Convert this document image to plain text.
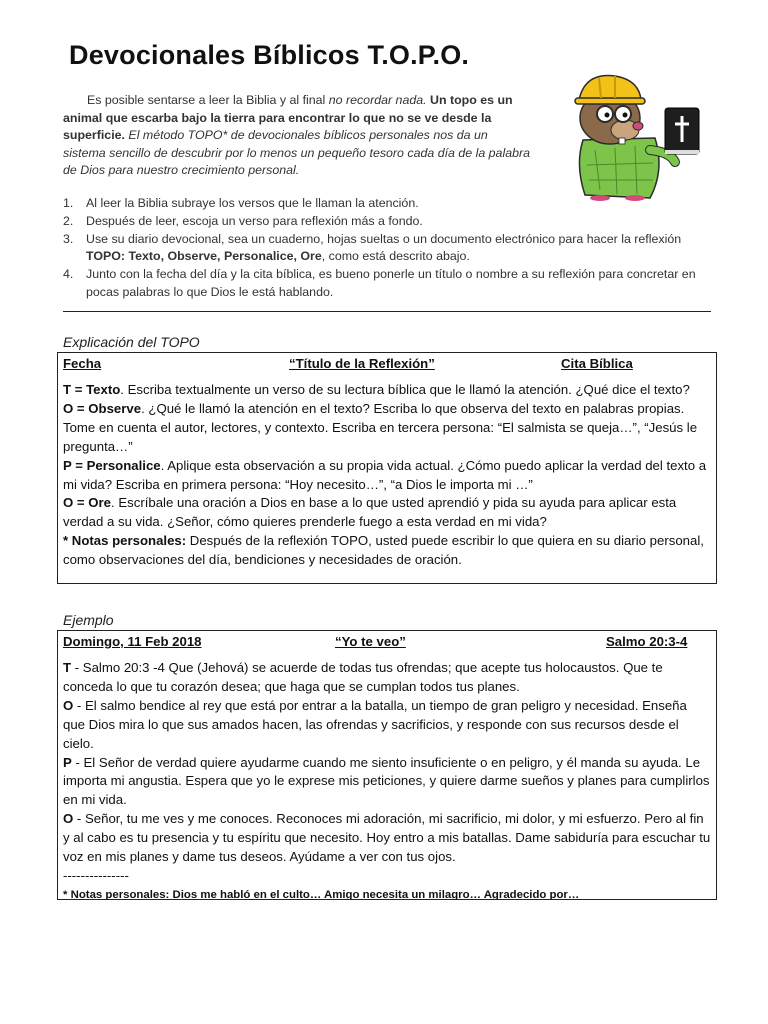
Devocionales Bíblicos T.O.P.O.
Es posible sentarse a leer la Biblia y al final no recordar nada. Un topo es un animal que escarba bajo la tierra para encontrar lo que no se ve desde la superficie. El método TOPO* de devocionales bíblicos personales nos da un sistema sencillo de descubrir por lo menos un pequeño tesoro cada día de la palabra de Dios para nuestro crecimiento personal.
1. Al leer la Biblia subraye los versos que le llaman la atención.
2. Después de leer, escoja un verso para reflexión más a fondo.
3. Use su diario devocional, sea un cuaderno, hojas sueltas o un documento electrónico para hacer la reflexión TOPO: Texto, Observe, Personalice, Ore, como está descrito abajo.
4. Junto con la fecha del día y la cita bíblica, es bueno ponerle un título o nombre a su reflexión para concretar en pocas palabras lo que Dios le está hablando.
Explicación del TOPO
Fecha	“Título de la Reflexión”	Cita Bíblica

T = Texto. Escriba textualmente un verso de su lectura bíblica que le llamó la atención. ¿Qué dice el texto?

O = Observe. ¿Qué le llamó la atención en el texto? Escriba lo que observa del texto en palabras propias. Tome en cuenta el autor, lectores, y contexto. Escriba en tercera persona: “El salmista se queja…”, “Jesús le pregunta…”

P = Personalice. Aplique esta observación a su propia vida actual. ¿Cómo puedo aplicar la verdad del texto a mi vida? Escriba en primera persona: “Hoy necesito…”, “a Dios le importa mi …”

O = Ore. Escríbale una oración a Dios en base a lo que usted aprendió y pida su ayuda para aplicar esta verdad a su vida. ¿Señor, cómo quieres prenderle fuego a esta verdad en mi vida?

* Notas personales: Después de la reflexión TOPO, usted puede escribir lo que quiera en su diario personal, como observaciones del día, bendiciones y necesidades de oración.

Ejemplo
Domingo, 11 Feb 2018	“Yo te veo”	Salmo 20:3-4

T - Salmo 20:3 -4 Que (Jehová) se acuerde de todas tus ofrendas; que acepte tus holocaustos. Que te conceda lo que tu corazón desea; que haga que se cumplan todos tus planes.

O - El salmo bendice al rey que está por entrar a la batalla, un tiempo de gran peligro y necesidad. Enseña que Dios mira lo que sus amados hacen, las ofrendas y sacrificios, y responde con sus recursos desde el cielo.

P - El Señor de verdad quiere ayudarme cuando me siento insuficiente o en peligro, y él manda su ayuda. Le importa mi angustia. Espera que yo le exprese mis peticiones, y quiere darme sueños y planes para cumplirlos en mi vida.

O - Señor, tu me ves y me conoces. Reconoces mi adoración, mi sacrificio, mi dolor, y mi esfuerzo. Pero al fin y al cabo es tu presencia y tu espíritu que necesito. Hoy entro a mis batallas. Dame sabiduría para escuchar tu voz en mis planes y dame tus deseos. Ayúdame a ver con tus ojos.

---------------

* Notas personales: Dios me habló en el culto… Amigo necesita un milagro… Agradecido por…
